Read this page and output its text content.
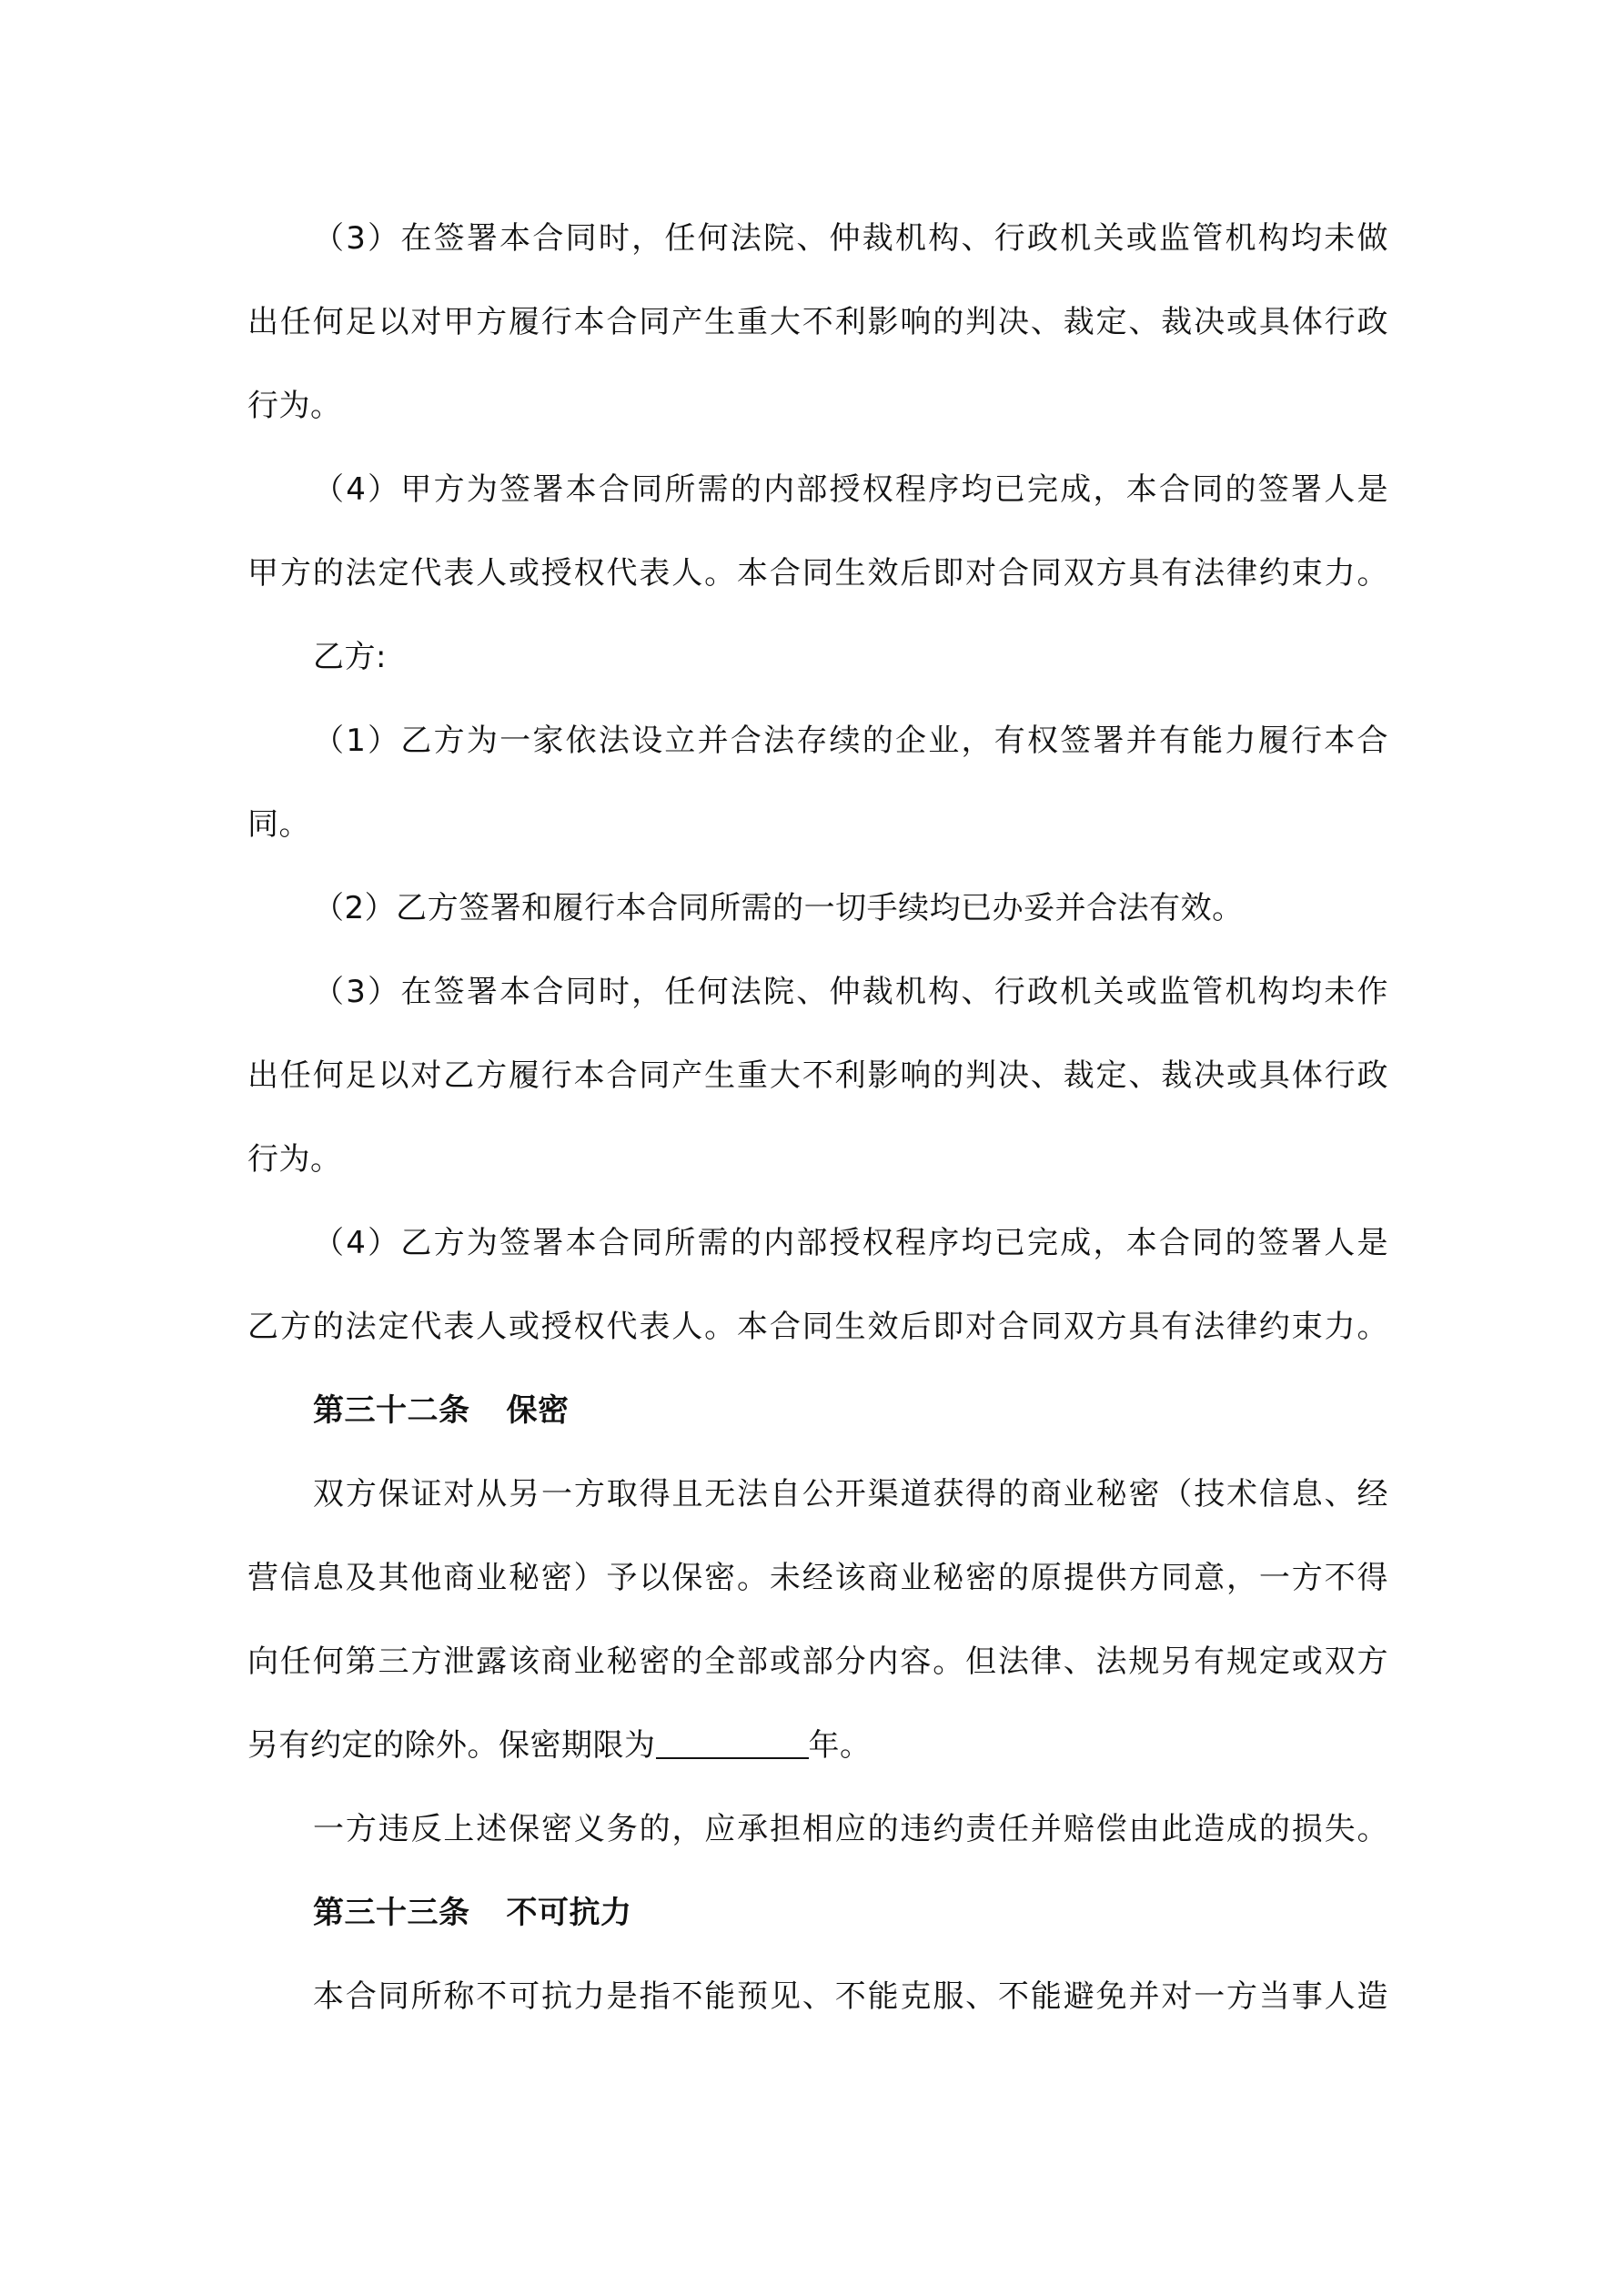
（3）在签署本合同时，任何法院、仲裁机构、行政机关或监管机构均未做
出任何足以对甲方履行本合同产生重大不利影响的判决、裁定、裁决或具体行政
行为。
（4）甲方为签署本合同所需的内部授权程序均已完成，本合同的签署人是
甲方的法定代表人或授权代表人。本合同生效后即对合同双方具有法律约束力。
乙方:
（1）乙方为一家依法设立并合法存续的企业，有权签署并有能力履行本合
同。
（2）乙方签署和履行本合同所需的一切手续均已办妥并合法有效。
（3）在签署本合同时，任何法院、仲裁机构、行政机关或监管机构均未作
出任何足以对乙方履行本合同产生重大不利影响的判决、裁定、裁决或具体行政
行为。
（4）乙方为签署本合同所需的内部授权程序均已完成，本合同的签署人是
乙方的法定代表人或授权代表人。本合同生效后即对合同双方具有法律约束力。
第三十二条 保密
双方保证对从另一方取得且无法自公开渠道获得的商业秘密（技术信息、经
营信息及其他商业秘密）予以保密。未经该商业秘密的原提供方同意，一方不得
向任何第三方泄露该商业秘密的全部或部分内容。但法律、法规另有规定或双方
另有约定的除外。保密期限为	年。
一方违反上述保密义务的，应承担相应的违约责任并赔偿由此造成的损失。
第三十三条 不可抗力
本合同所称不可抗力是指不能预见、不能克服、不能避免并对一方当事人造
